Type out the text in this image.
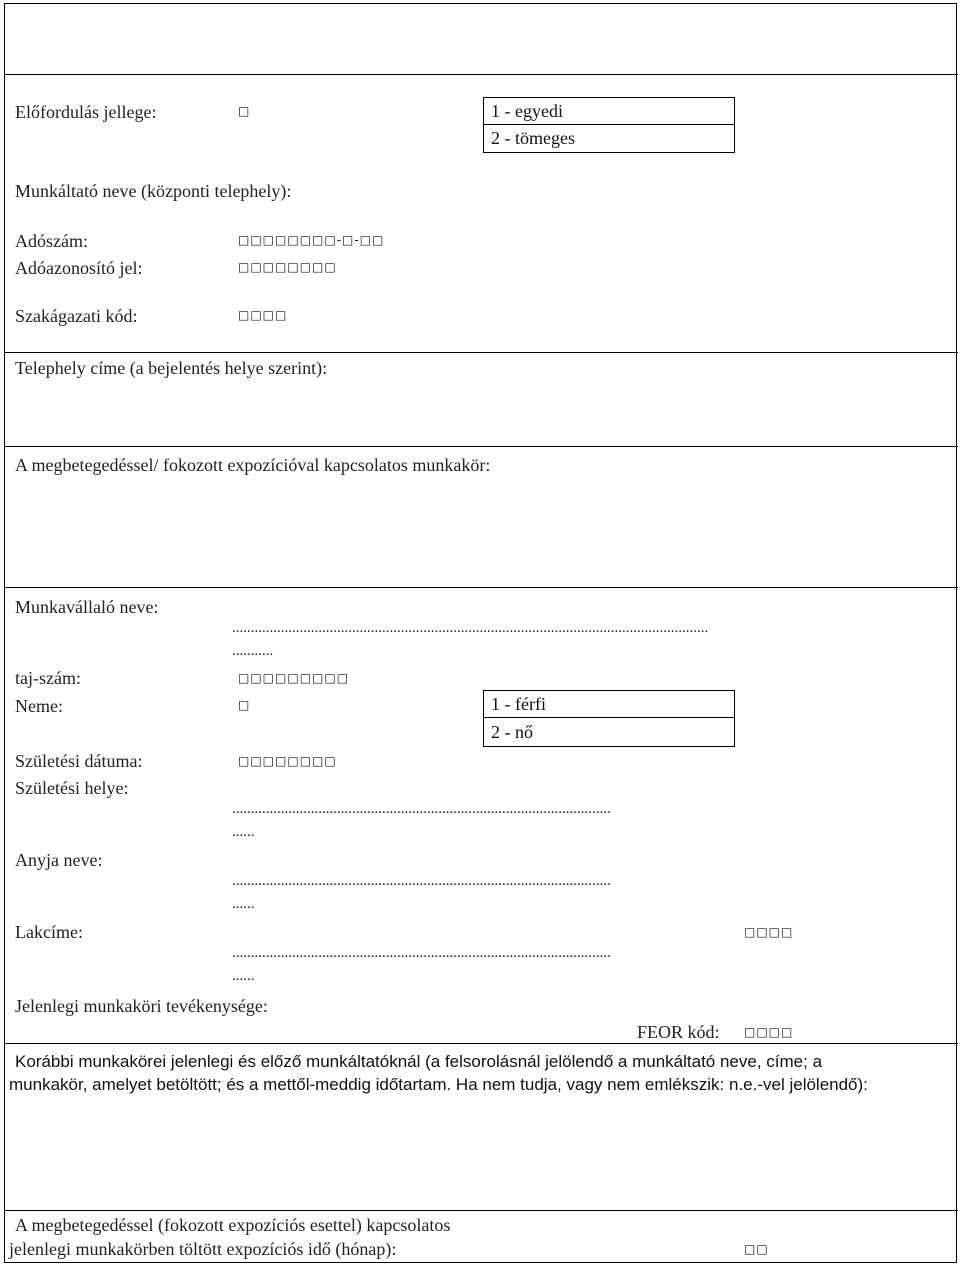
Előfordulás jellege:	□	1 - egyedi
2 - tömeges
Munkáltató neve (központi telephely):
Adószám:	□□□□□□□□-□-□□
Adóazonosító jel:	□□□□□□□□
Szakágazati kód:	□□□□
Telephely címe (a bejelentés helye szerint):
A megbetegedéssel/ fokozott expozícióval kapcsolatos munkakör:
Munkavállaló neve:
...............................................................................................................................
...........
taj-szám:	□□□□□□□□□
Neme:	□	1 - férfi
2 - nő
Születési dátuma:	□□□□□□□□
Születési helye:
.....................................................................................................
......
Anyja neve:
.....................................................................................................
......
Lakcíme:	□□□□
.....................................................................................................
......
Jelenlegi munkaköri tevékenysége:
FEOR kód: □□□□
Korábbi munkakörei jelenlegi és előző munkáltatóknál (a felsorolásnál jelölendő a munkáltató neve, címe; a
munkakör, amelyet betöltött; és a mettől-meddig időtartam. Ha nem tudja, vagy nem emlékszik: n.e.-vel jelölendő):
A megbetegedéssel (fokozott expozíciós esettel) kapcsolatos
jelenlegi munkakörben töltött expozíciós idő (hónap):	□□
